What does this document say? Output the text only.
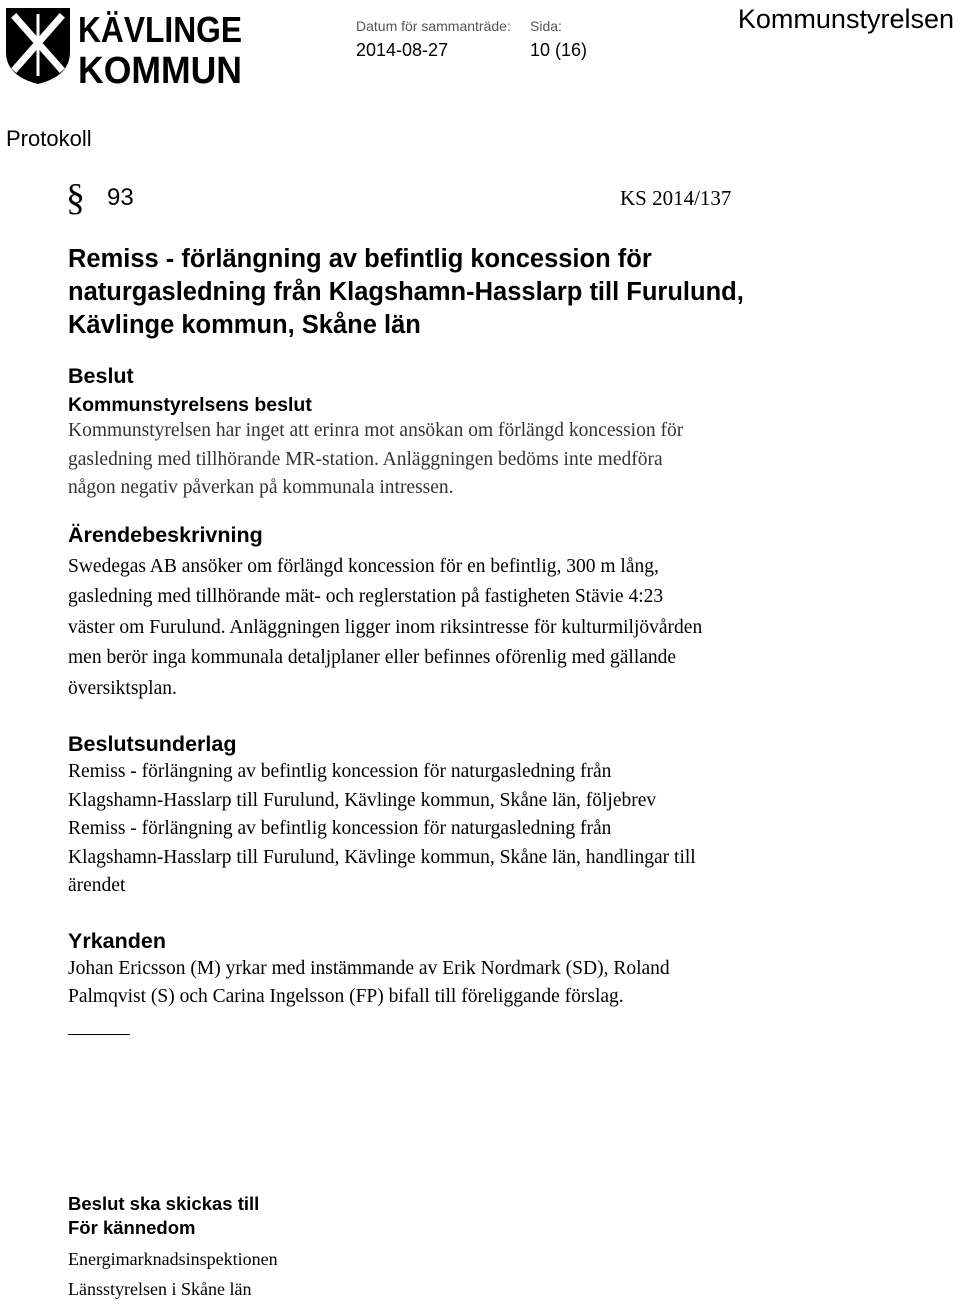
KÄVLINGE
KOMMUN
Datum för sammanträde:
2014-08-27
Sida:
10 (16)
Kommunstyrelsen
Protokoll
§ 93	KS 2014/137

Remiss - förlängning av befintlig koncession för

naturgasledning från Klagshamn-Hasslarp till Furulund,

Kävlinge kommun, Skåne län

Beslut

Kommunstyrelsens beslut

Kommunstyrelsen har inget att erinra mot ansökan om förlängd koncession för

gasledning med tillhörande MR-station. Anläggningen bedöms inte medföra

någon negativ påverkan på kommunala intressen.

Ärendebeskrivning

Swedegas AB ansöker om förlängd koncession för en befintlig, 300 m lång,

gasledning med tillhörande mät- och reglerstation på fastigheten Stävie 4:23

väster om Furulund. Anläggningen ligger inom riksintresse för kulturmiljövården

men berör inga kommunala detaljplaner eller befinnes oförenlig med gällande

översiktsplan.

Beslutsunderlag

Remiss - förlängning av befintlig koncession för naturgasledning från

Klagshamn-Hasslarp till Furulund, Kävlinge kommun, Skåne län, följebrev

Remiss - förlängning av befintlig koncession för naturgasledning från

Klagshamn-Hasslarp till Furulund, Kävlinge kommun, Skåne län, handlingar till

ärendet

Yrkanden

Johan Ericsson (M) yrkar med instämmande av Erik Nordmark (SD), Roland

Palmqvist (S) och Carina Ingelsson (FP) bifall till föreliggande förslag.

Beslut ska skickas till

För kännedom

Energimarknadsinspektionen

Länsstyrelsen i Skåne län
